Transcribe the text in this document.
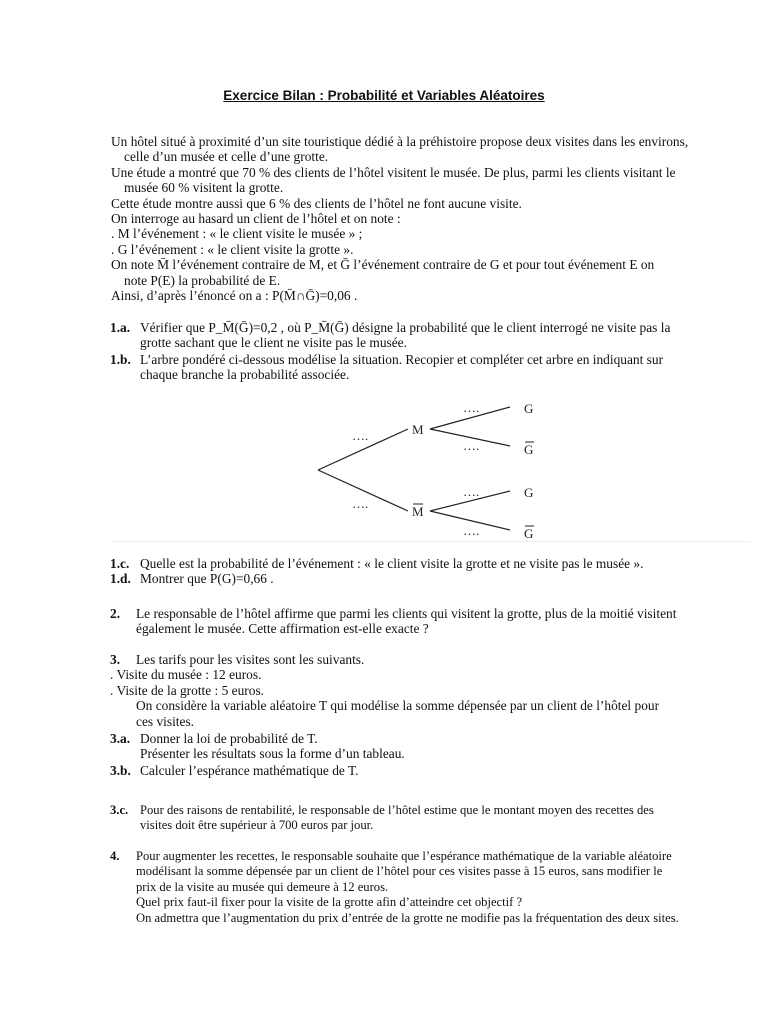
Exercice Bilan : Probabilité et Variables Aléatoires
Un hôtel situé à proximité d’un site touristique dédié à la préhistoire propose deux visites dans les environs,
celle d’un musée et celle d’une grotte.
Une étude a montré que 70 % des clients de l’hôtel visitent le musée. De plus, parmi les clients visitant le
musée 60 % visitent la grotte.
Cette étude montre aussi que 6 % des clients de l’hôtel ne font aucune visite.
On interroge au hasard un client de l’hôtel et on note :
. M l’événement : « le client visite le musée » ;
. G l’événement : « le client visite la grotte ».
On note M̄ l’événement contraire de M, et Ḡ l’événement contraire de G et pour tout événement E on
note P(E) la probabilité de E.
Ainsi, d’après l’énoncé on a : P(M̄∩Ḡ)=0,06 .
1.a. Vérifier que P_M̄(Ḡ)=0,2 , où P_M̄(Ḡ) désigne la probabilité que le client interrogé ne visite pas la
grotte sachant que le client ne visite pas le musée.
1.b. L’arbre pondéré ci-dessous modélise la situation. Recopier et compléter cet arbre en indiquant sur
chaque branche la probabilité associée.
….
….
….
….
….
….
M
M
G
G
G
G
1.c. Quelle est la probabilité de l’événement : « le client visite la grotte et ne visite pas le musée ».
1.d. Montrer que P(G)=0,66 .
2.	Le responsable de l’hôtel affirme que parmi les clients qui visitent la grotte, plus de la moitié visitent
également le musée. Cette affirmation est-elle exacte ?
3.	Les tarifs pour les visites sont les suivants.
. Visite du musée : 12 euros.
. Visite de la grotte : 5 euros.
On considère la variable aléatoire T qui modélise la somme dépensée par un client de l’hôtel pour
ces visites.
3.a. Donner la loi de probabilité de T.
Présenter les résultats sous la forme d’un tableau.
3.b. Calculer l’espérance mathématique de T.
3.c. Pour des raisons de rentabilité, le responsable de l’hôtel estime que le montant moyen des recettes des
visites doit être supérieur à 700 euros par jour.
4.	Pour augmenter les recettes, le responsable souhaite que l’espérance mathématique de la variable aléatoire
modélisant la somme dépensée par un client de l’hôtel pour ces visites passe à 15 euros, sans modifier le
prix de la visite au musée qui demeure à 12 euros.
Quel prix faut-il fixer pour la visite de la grotte afin d’atteindre cet objectif ?
On admettra que l’augmentation du prix d’entrée de la grotte ne modifie pas la fréquentation des deux sites.
